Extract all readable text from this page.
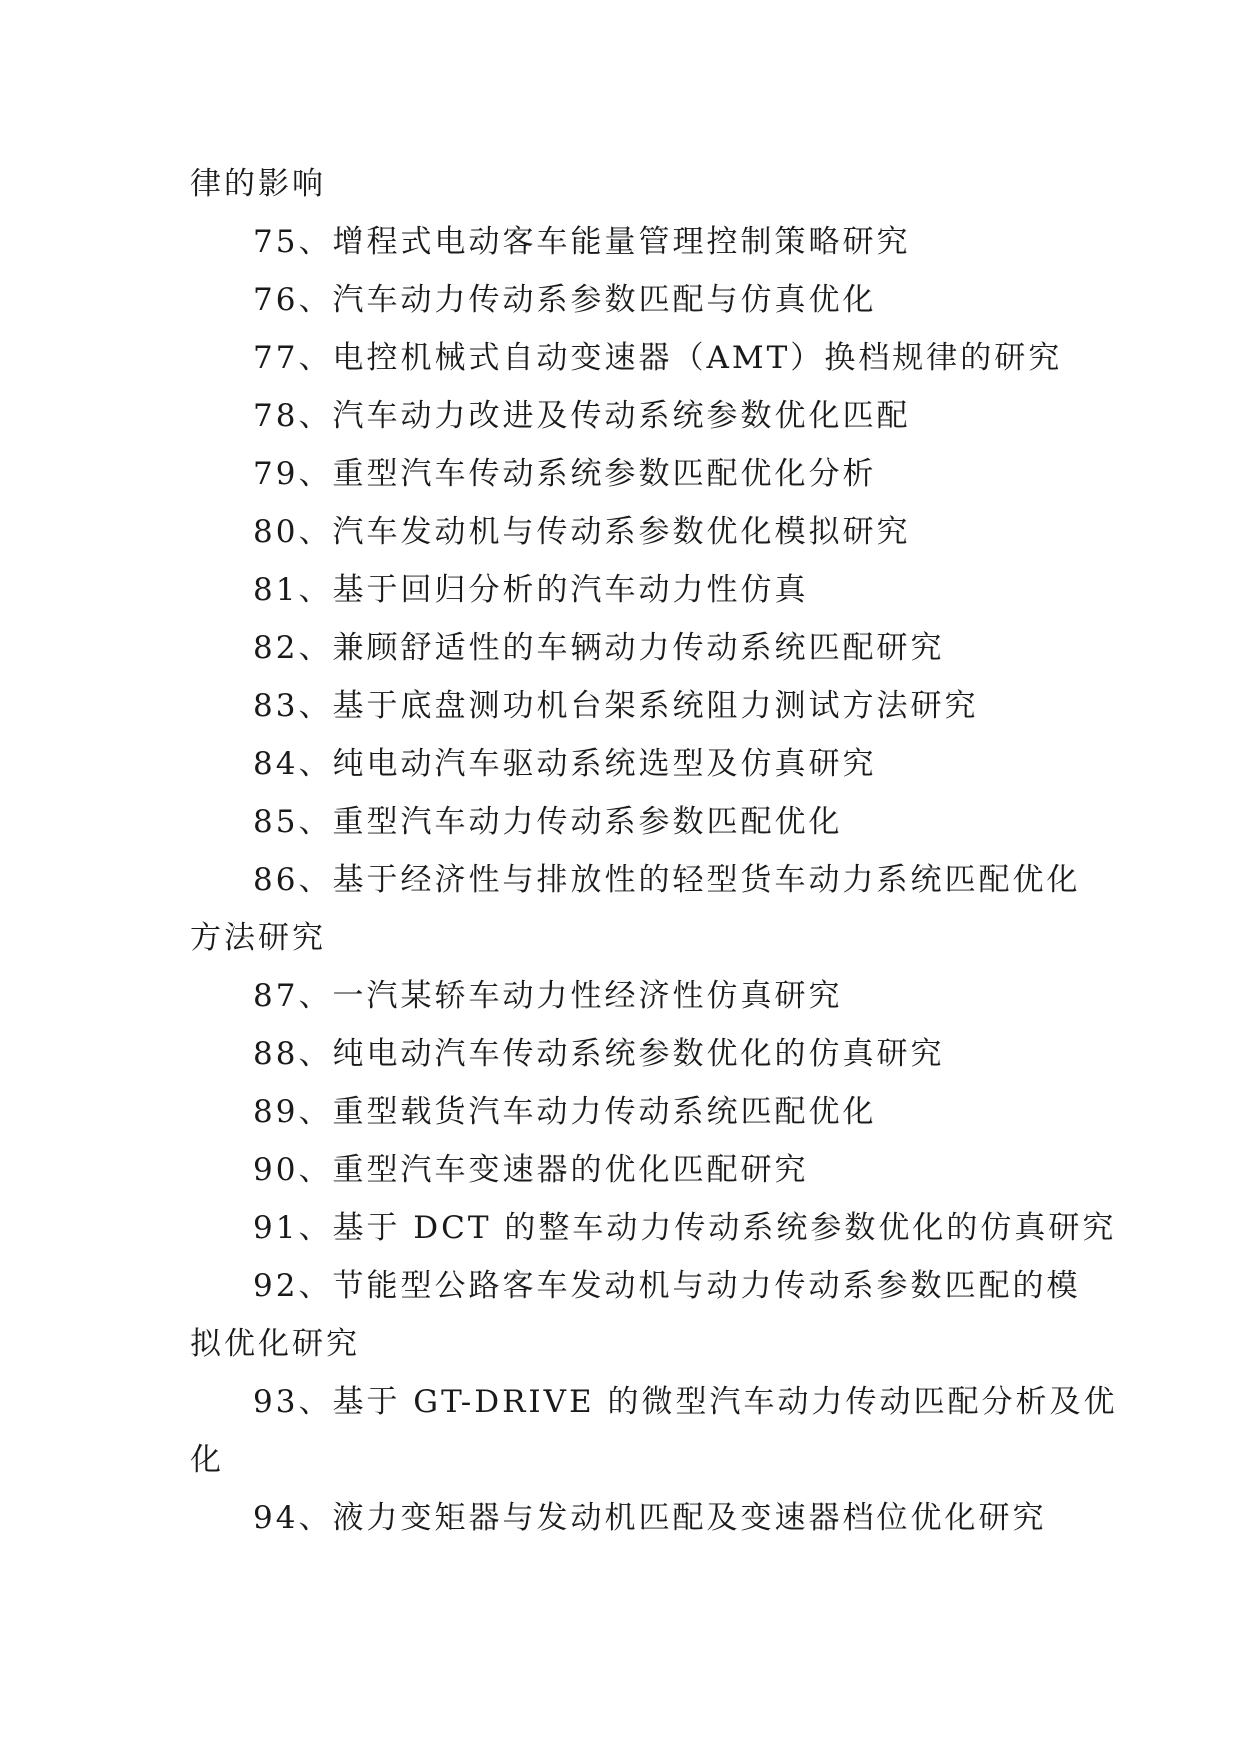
律的影响
75、增程式电动客车能量管理控制策略研究
76、汽车动力传动系参数匹配与仿真优化
77、电控机械式自动变速器（AMT）换档规律的研究
78、汽车动力改进及传动系统参数优化匹配
79、重型汽车传动系统参数匹配优化分析
80、汽车发动机与传动系参数优化模拟研究
81、基于回归分析的汽车动力性仿真
82、兼顾舒适性的车辆动力传动系统匹配研究
83、基于底盘测功机台架系统阻力测试方法研究
84、纯电动汽车驱动系统选型及仿真研究
85、重型汽车动力传动系参数匹配优化
86、基于经济性与排放性的轻型货车动力系统匹配优化
方法研究
87、一汽某轿车动力性经济性仿真研究
88、纯电动汽车传动系统参数优化的仿真研究
89、重型载货汽车动力传动系统匹配优化
90、重型汽车变速器的优化匹配研究
91、基于 DCT 的整车动力传动系统参数优化的仿真研究
92、节能型公路客车发动机与动力传动系参数匹配的模
拟优化研究
93、基于 GT-DRIVE 的微型汽车动力传动匹配分析及优
化
94、液力变矩器与发动机匹配及变速器档位优化研究
